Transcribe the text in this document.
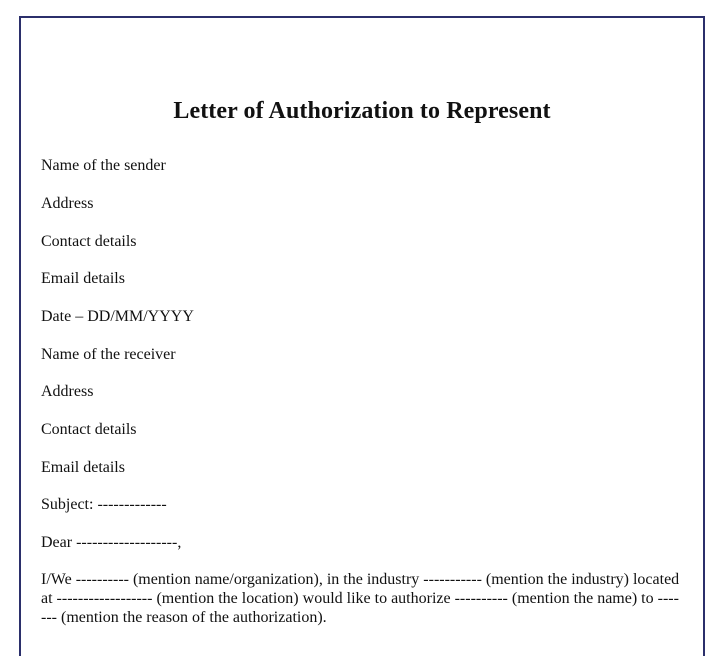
Letter of Authorization to Represent
Name of the sender
Address
Contact details
Email details
Date – DD/MM/YYYY
Name of the receiver
Address
Contact details
Email details
Subject: -------------
Dear -------------------,
I/We ---------- (mention name/organization), in the industry ----------- (mention the industry) located at ------------------ (mention the location) would like to authorize ---------- (mention the name) to ------- (mention the reason of the authorization).
